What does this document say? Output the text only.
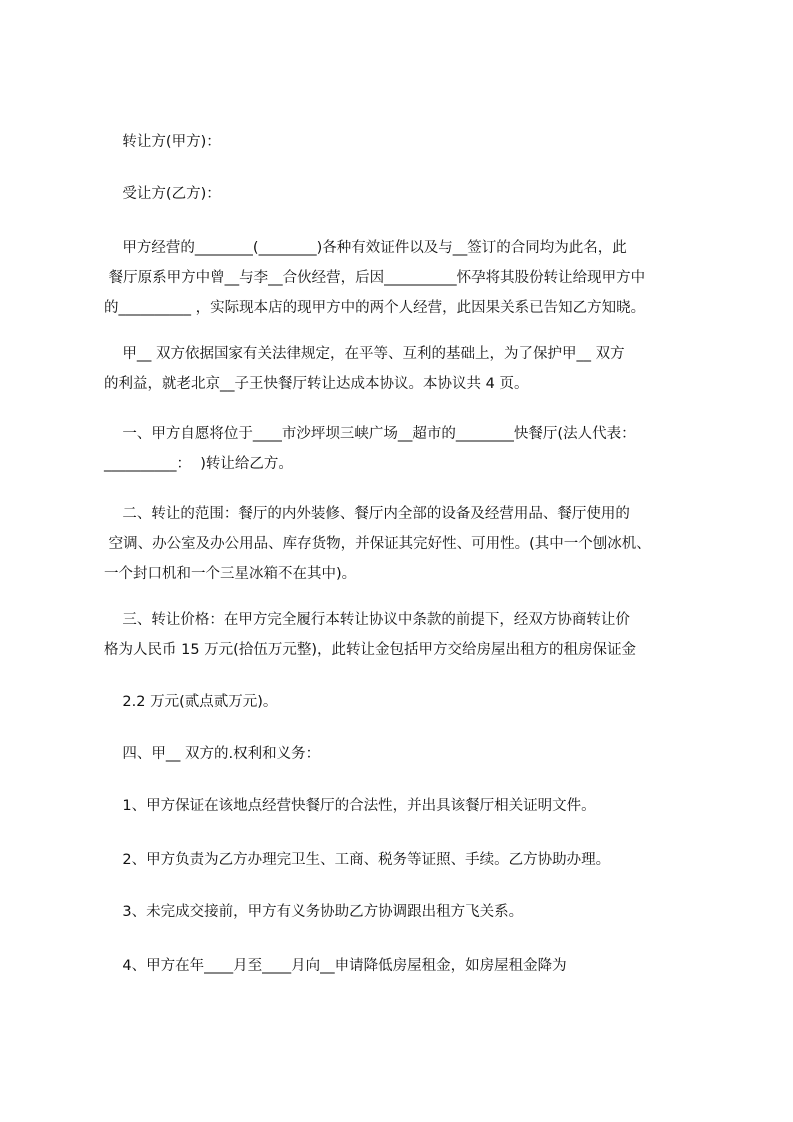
转让方(甲方)：
受让方(乙方)：
甲方经营的________(________)各种有效证件以及与__签订的合同均为此名，此
餐厅原系甲方中曾__与李__合伙经营，后因__________怀孕将其股份转让给现甲方中
的__________ ，实际现本店的现甲方中的两个人经营，此因果关系已告知乙方知晓。
甲__ 双方依据国家有关法律规定，在平等、互利的基础上，为了保护甲__ 双方
的利益，就老北京__子王快餐厅转让达成本协议。本协议共 4 页。
一、甲方自愿将位于____市沙坪坝三峡广场__超市的________快餐厅(法人代表：
__________：  )转让给乙方。
二、转让的范围：餐厅的内外装修、餐厅内全部的设备及经营用品、餐厅使用的
空调、办公室及办公用品、库存货物，并保证其完好性、可用性。(其中一个刨冰机、
一个封口机和一个三星冰箱不在其中)。
三、转让价格：在甲方完全履行本转让协议中条款的前提下，经双方协商转让价
格为人民币 15 万元(拾伍万元整)，此转让金包括甲方交给房屋出租方的租房保证金
2.2 万元(贰点贰万元)。
四、甲__ 双方的.权利和义务：
1、甲方保证在该地点经营快餐厅的合法性，并出具该餐厅相关证明文件。
2、甲方负责为乙方办理完卫生、工商、税务等证照、手续。乙方协助办理。
3、未完成交接前，甲方有义务协助乙方协调跟出租方飞关系。
4、甲方在年____月至____月向__申请降低房屋租金，如房屋租金降为
